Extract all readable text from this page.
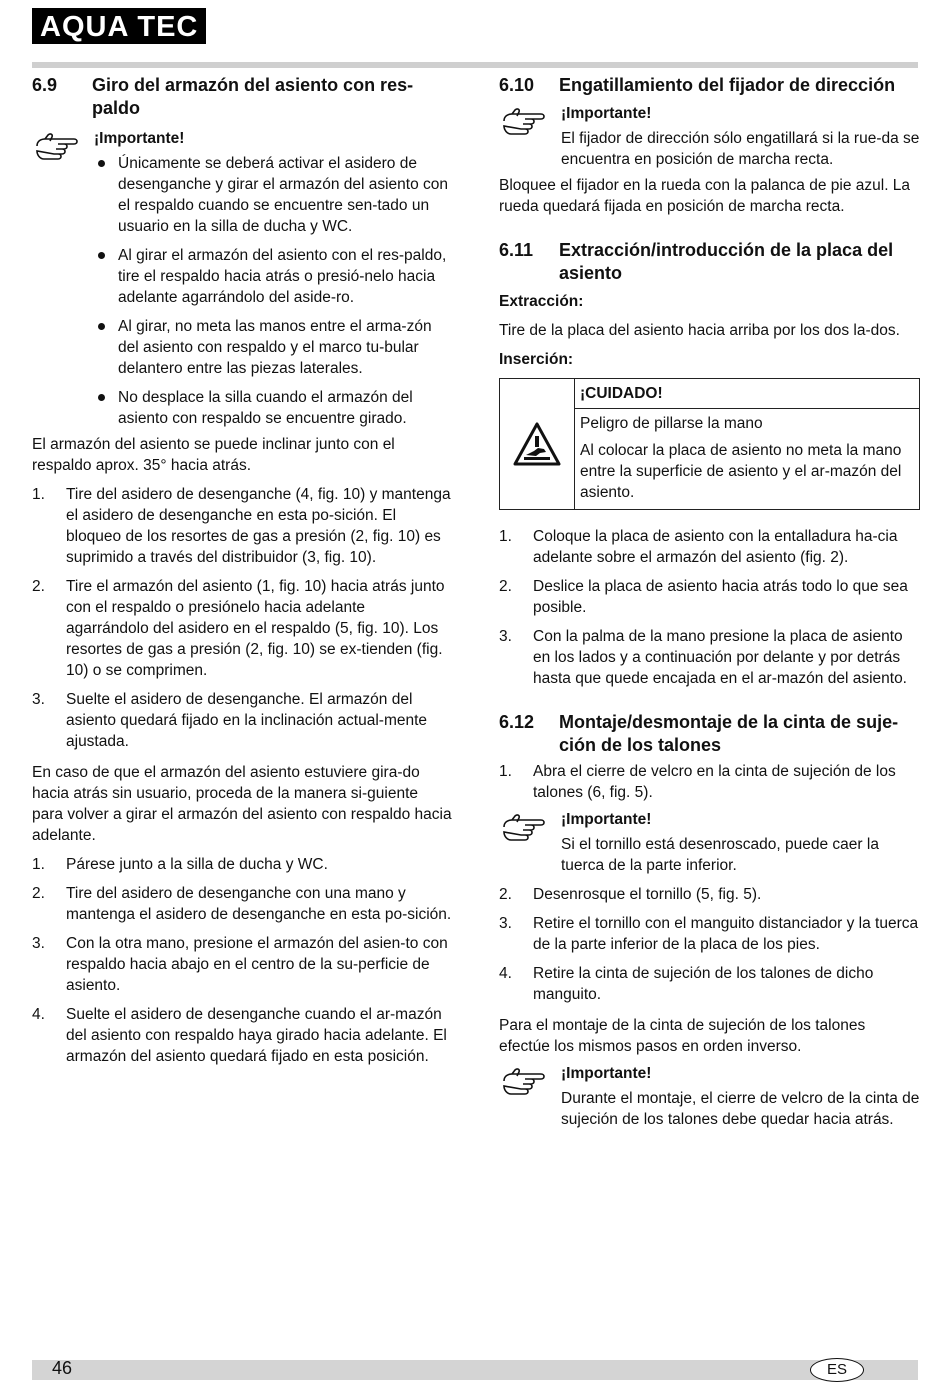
AQUA TEC	®
6.9	Giro del armazón del asiento con res-paldo
¡Importante!
Únicamente se deberá activar el asidero de desenganche y girar el armazón del asiento con el respaldo cuando se encuentre sen-tado un usuario en la silla de ducha y WC.
Al girar el armazón del asiento con el res-paldo, tire el respaldo hacia atrás o presió-nelo hacia adelante agarrándolo del aside-ro.
Al girar, no meta las manos entre el arma-zón del asiento con respaldo y el marco tu-bular delantero entre las piezas laterales.
No desplace la silla cuando el armazón del asiento con respaldo se encuentre girado.

El armazón del asiento se puede inclinar junto con el respaldo aprox. 35° hacia atrás.

1.	Tire del asidero de desenganche (4, fig. 10) y mantenga el asidero de desenganche en esta po-sición. El bloqueo de los resortes de gas a presión (2, fig. 10) es suprimido a través del distribuidor (3, fig. 10).
2.	Tire el armazón del asiento (1, fig. 10) hacia atrás junto con el respaldo o presiónelo hacia adelante agarrándolo del asidero en el respaldo (5, fig. 10). Los resortes de gas a presión (2, fig. 10) se ex-tienden (fig. 10) o se comprimen.
3.	Suelte el asidero de desenganche. El armazón del asiento quedará fijado en la inclinación actual-mente ajustada.

En caso de que el armazón del asiento estuviere gira-do hacia atrás sin usuario, proceda de la manera si-guiente para volver a girar el armazón del asiento con respaldo hacia adelante.

1.	Párese junto a la silla de ducha y WC.
2.	Tire del asidero de desenganche con una mano y mantenga el asidero de desenganche en esta po-sición.
3.	Con la otra mano, presione el armazón del asien-to con respaldo hacia abajo en el centro de la su-perficie de asiento.
4.	Suelte el asidero de desenganche cuando el ar-mazón del asiento con respaldo haya girado hacia adelante. El armazón del asiento quedará fijado en esta posición.
6.10	Engatillamiento del fijador de dirección
¡Importante!

El fijador de dirección sólo engatillará si la rue-da se encuentra en posición de marcha recta.

Bloquee el fijador en la rueda con la palanca de pie azul. La rueda quedará fijada en posición de marcha recta.

6.11	Extracción/introducción de la placa del asiento
Extracción:

Tire de la placa del asiento hacia arriba por los dos la-dos.

Inserción:
¡CUIDADO!
Peligro de pillarse la mano
Al colocar la placa de asiento no meta la mano entre la superficie de asiento y el ar-mazón del asiento.
1.	Coloque la placa de asiento con la entalladura ha-cia adelante sobre el armazón del asiento (fig. 2).
2.	Deslice la placa de asiento hacia atrás todo lo que sea posible.
3.	Con la palma de la mano presione la placa de asiento en los lados y a continuación por delante y por detrás hasta que quede encajada en el ar-mazón del asiento.
6.12	Montaje/desmontaje de la cinta de suje-ción de los talones
1.	Abra el cierre de velcro en la cinta de sujeción de los talones (6, fig. 5).
¡Importante!

Si el tornillo está desenroscado, puede caer la tuerca de la parte inferior.

2.	Desenrosque el tornillo (5, fig. 5).
3.	Retire el tornillo con el manguito distanciador y la tuerca de la parte inferior de la placa de los pies.
4.	Retire la cinta de sujeción de los talones de dicho manguito.

Para el montaje de la cinta de sujeción de los talones efectúe los mismos pasos en orden inverso.

¡Importante!

Durante el montaje, el cierre de velcro de la cinta de sujeción de los talones debe quedar hacia atrás.

46	ES
